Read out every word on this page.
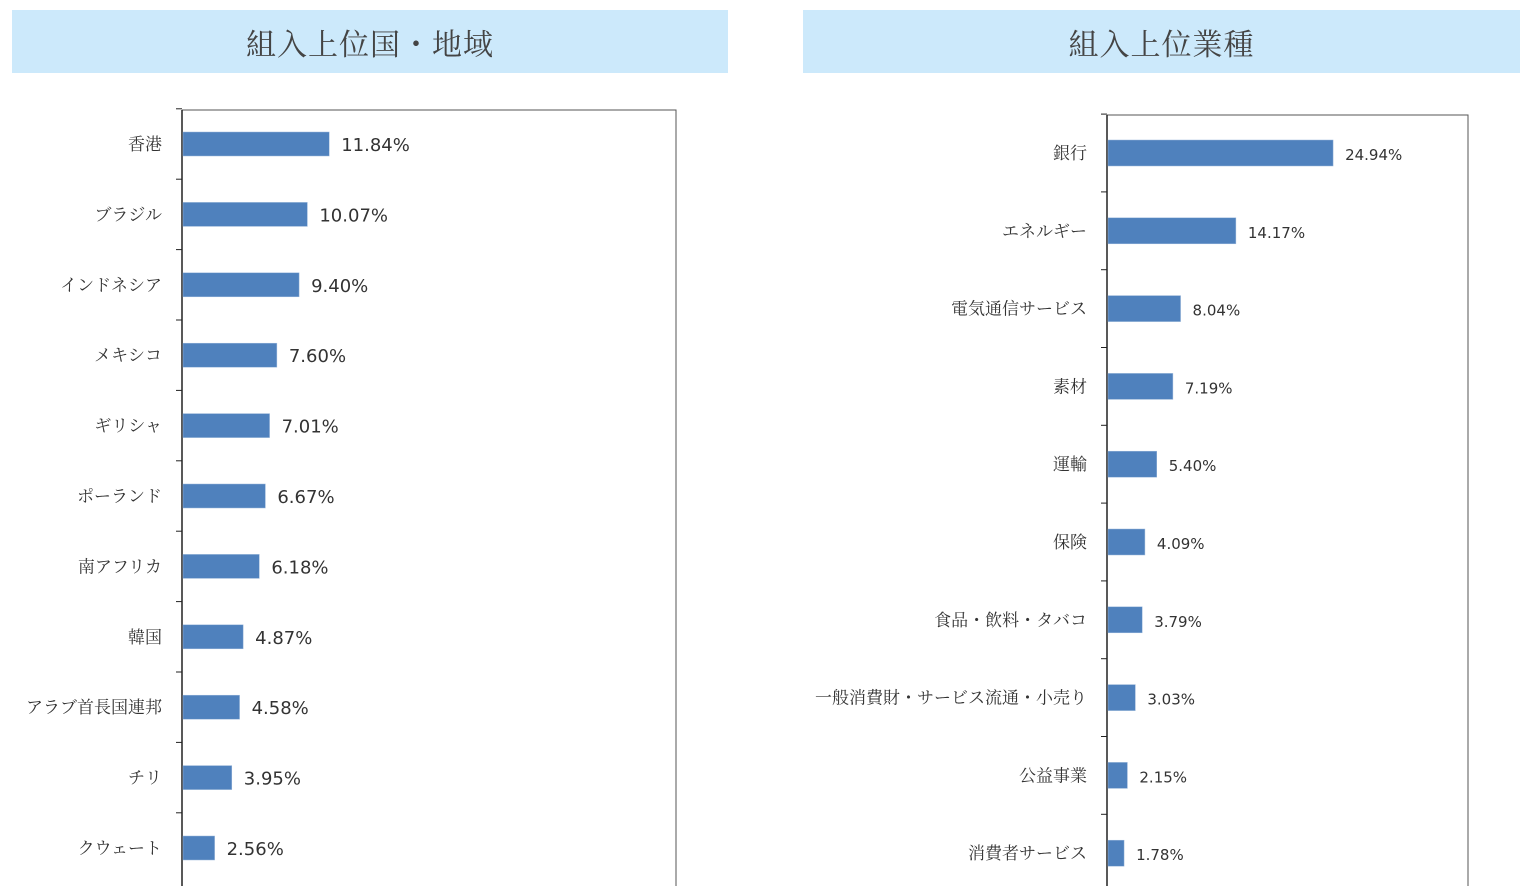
組入上位国・地域	組入上位業種
香港	11.84%
ブラジル	10.07%
インドネシア	9.40%
メキシコ	7.60%
ギリシャ	7.01%
ポーランド	6.67%
南アフリカ	6.18%
韓国	4.87%
アラブ首長国連邦	4.58%
チリ	3.95%
クウェート	2.56%
銀行	24.94%
エネルギー	14.17%
電気通信サービス	8.04%
素材	7.19%
運輸	5.40%
保険	4.09%
食品・飲料・タバコ	3.79%
一般消費財・サービス流通・小売り	3.03%
公益事業	2.15%
消費者サービス	1.78%
